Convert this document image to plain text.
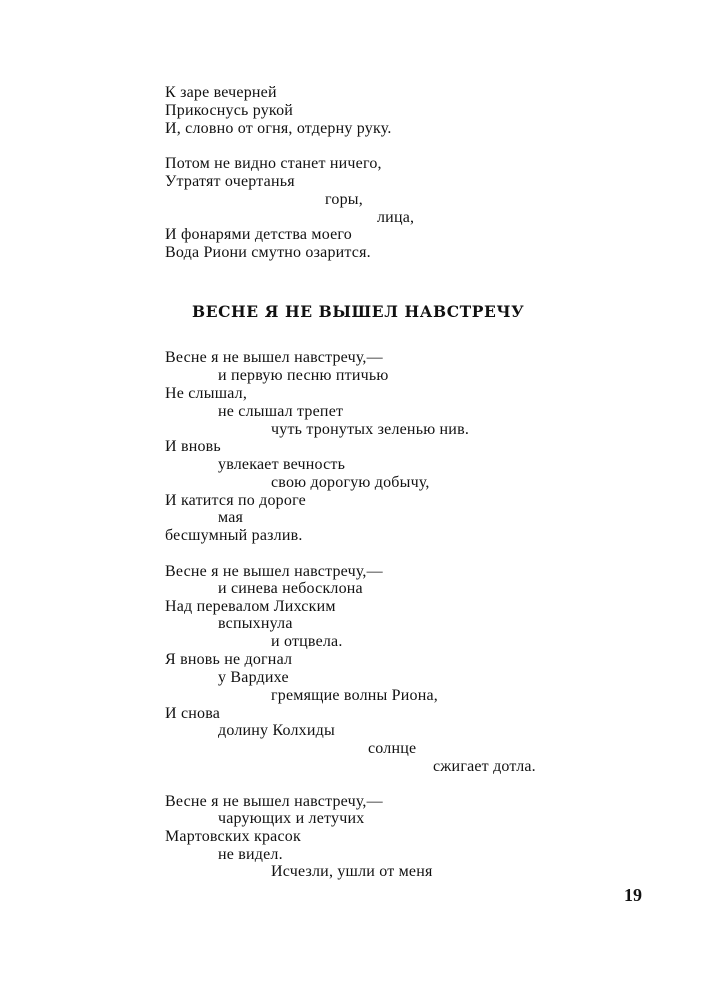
К заре вечерней
Прикоснусь рукой
И, словно от огня, отдерну руку.
Потом не видно станет ничего,
Утратят очертанья
горы,
лица,
И фонарями детства моего
Вода Риони смутно озарится.
ВЕСНЕ Я НЕ ВЫШЕЛ НАВСТРЕЧУ
Весне я не вышел навстречу,—
и первую песню птичью
Не слышал,
не слышал трепет
чуть тронутых зеленью нив.
И вновь
увлекает вечность
свою дорогую добычу,
И катится по дороге
мая
бесшумный разлив.
Весне я не вышел навстречу,—
и синева небосклона
Над перевалом Лихским
вспыхнула
и отцвела.
Я вновь не догнал
у Вардихе
гремящие волны Риона,
И снова
долину Колхиды
солнце
сжигает дотла.
Весне я не вышел навстречу,—
чарующих и летучих
Мартовских красок
не видел.
Исчезли, ушли от меня
19
